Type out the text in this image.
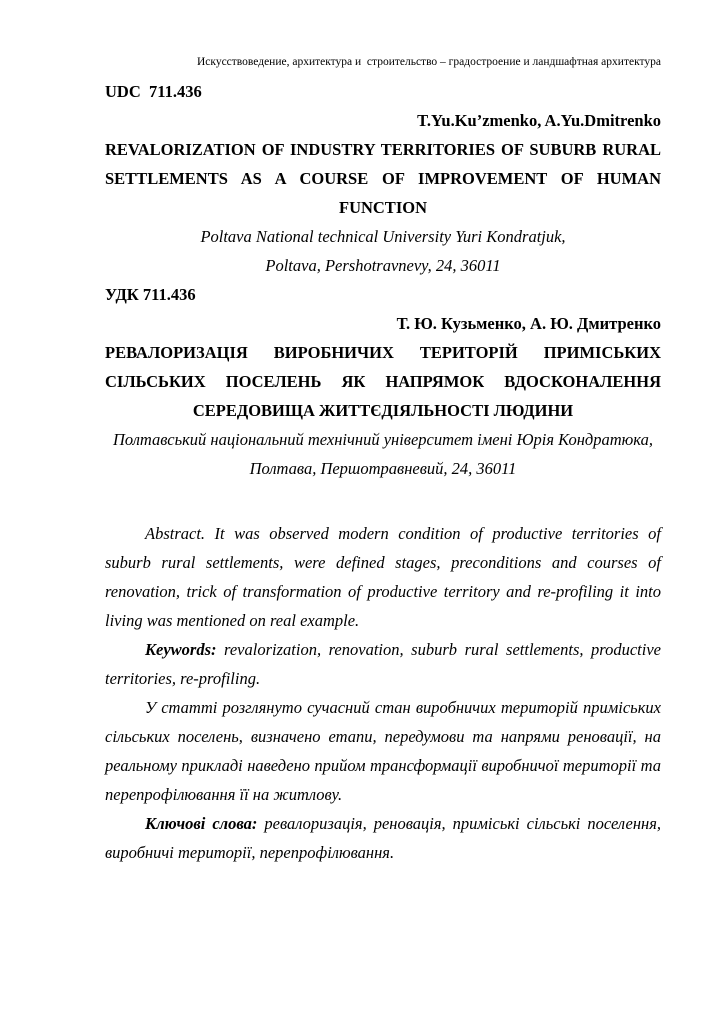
Искусствоведение, архитектура и  строительство – градостроение и ландшафтная архитектура
UDC  711.436
T.Yu.Ku’zmenko, A.Yu.Dmitrenko
REVALORIZATION OF INDUSTRY TERRITORIES OF SUBURB RURAL SETTLEMENTS AS A COURSE OF IMPROVEMENT OF HUMAN FUNCTION
Poltava National technical University Yuri Kondratjuk,
Poltava, Pershotravnevy, 24, 36011
УДК 711.436
Т. Ю. Кузьменко, А. Ю. Дмитренко
РЕВАЛОРИЗАЦІЯ ВИРОБНИЧИХ ТЕРИТОРІЙ ПРИМІСЬКИХ СІЛЬСЬКИХ ПОСЕЛЕНЬ ЯК НАПРЯМОК ВДОСКОНАЛЕННЯ СЕРЕДОВИЩА ЖИТТЄДІЯЛЬНОСТІ ЛЮДИНИ
Полтавський національний технічний університет імені Юрія Кондратюка,
Полтава, Першотравневий, 24, 36011

Abstract. It was observed modern condition of productive territories of suburb rural settlements, were defined stages, preconditions and courses of renovation, trick of transformation of productive territory and re-profiling it into living was mentioned on real example.

Keywords: revalorization, renovation, suburb rural settlements, productive territories, re-profiling.

У статті розглянуто сучасний стан виробничих територій приміських сільських поселень, визначено етапи, передумови та напрями реновації, на реальному прикладі наведено прийом трансформації виробничої території та перепрофілювання її на житлову.

Ключові слова: ревалоризація, реновація, приміські сільські поселення, виробничі території, перепрофілювання.
